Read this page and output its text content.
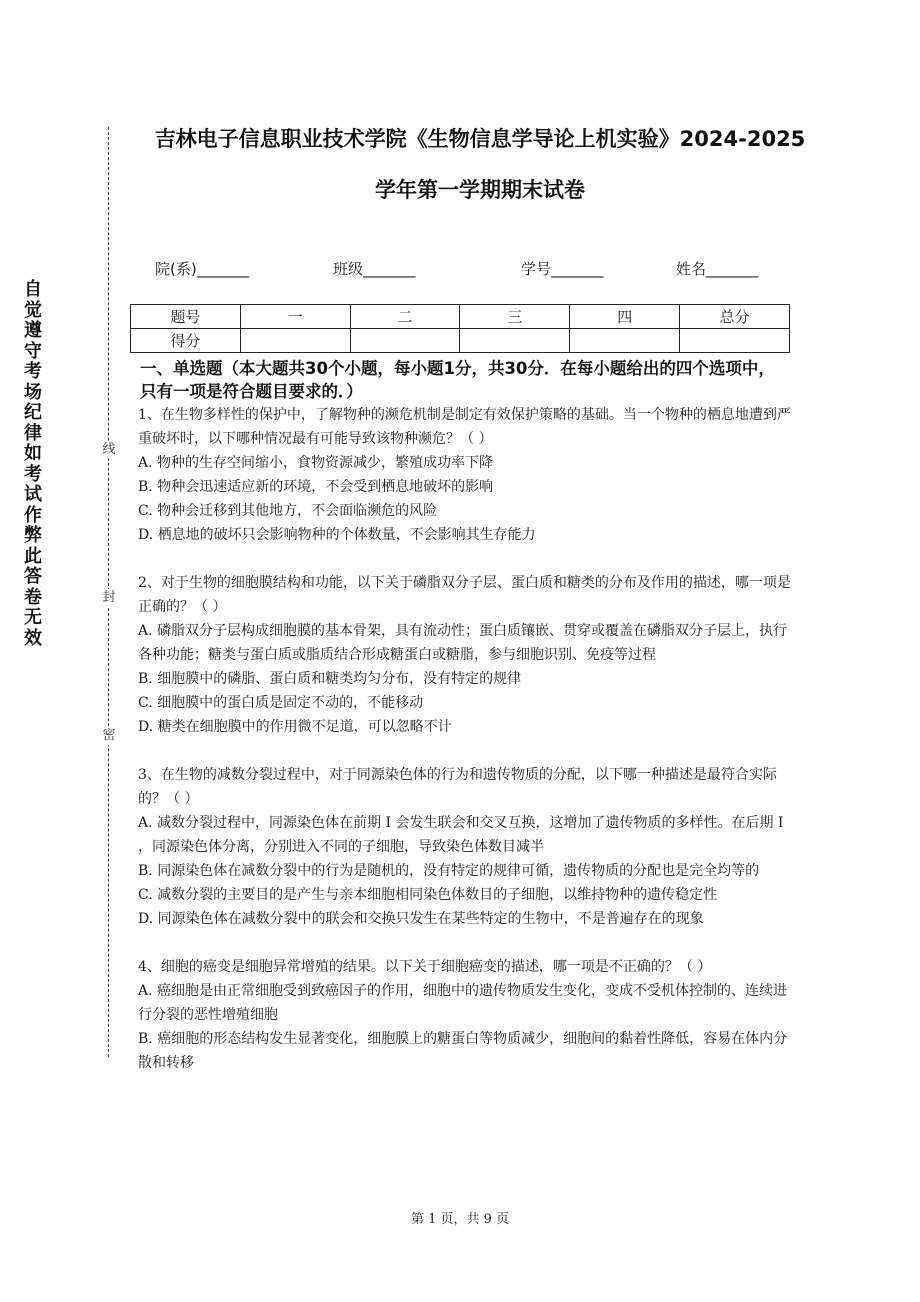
自
觉
遵
守
考
场
纪
律
如
考
试
作
弊
此
答
卷
无
效
线
封
密
吉林电子信息职业技术学院《生物信息学导论上机实验》2024-2025
学年第一学期期末试卷
院(系)_______	班级_______	学号_______	姓名_______
题号	一	二	三	四	总分
得分					
一、单选题（本大题共30个小题，每小题1分，共30分．在每小题给出的四个选项中，只有一项是符合题目要求的．）

1、在生物多样性的保护中，了解物种的濒危机制是制定有效保护策略的基础。当一个物种的栖息地遭到严重破坏时，以下哪种情况最有可能导致该物种濒危？（ ）

A. 物种的生存空间缩小，食物资源减少，繁殖成功率下降

B. 物种会迅速适应新的环境，不会受到栖息地破坏的影响

C. 物种会迁移到其他地方，不会面临濒危的风险

D. 栖息地的破坏只会影响物种的个体数量，不会影响其生存能力

2、对于生物的细胞膜结构和功能，以下关于磷脂双分子层、蛋白质和糖类的分布及作用的描述，哪一项是正确的？（ ）

A. 磷脂双分子层构成细胞膜的基本骨架，具有流动性；蛋白质镶嵌、贯穿或覆盖在磷脂双分子层上，执行各种功能；糖类与蛋白质或脂质结合形成糖蛋白或糖脂，参与细胞识别、免疫等过程

B. 细胞膜中的磷脂、蛋白质和糖类均匀分布，没有特定的规律

C. 细胞膜中的蛋白质是固定不动的，不能移动

D. 糖类在细胞膜中的作用微不足道，可以忽略不计

3、在生物的减数分裂过程中，对于同源染色体的行为和遗传物质的分配，以下哪一种描述是最符合实际的？（ ）

A. 减数分裂过程中，同源染色体在前期 Ⅰ 会发生联会和交叉互换，这增加了遗传物质的多样性。在后期 Ⅰ ，同源染色体分离，分别进入不同的子细胞，导致染色体数目减半

B. 同源染色体在减数分裂中的行为是随机的，没有特定的规律可循，遗传物质的分配也是完全均等的

C. 减数分裂的主要目的是产生与亲本细胞相同染色体数目的子细胞，以维持物种的遗传稳定性

D. 同源染色体在减数分裂中的联会和交换只发生在某些特定的生物中，不是普遍存在的现象

4、细胞的癌变是细胞异常增殖的结果。以下关于细胞癌变的描述，哪一项是不正确的？（ ）

A. 癌细胞是由正常细胞受到致癌因子的作用，细胞中的遗传物质发生变化，变成不受机体控制的、连续进行分裂的恶性增殖细胞

B. 癌细胞的形态结构发生显著变化，细胞膜上的糖蛋白等物质减少，细胞间的黏着性降低，容易在体内分散和转移

第 1 页，共 9 页
